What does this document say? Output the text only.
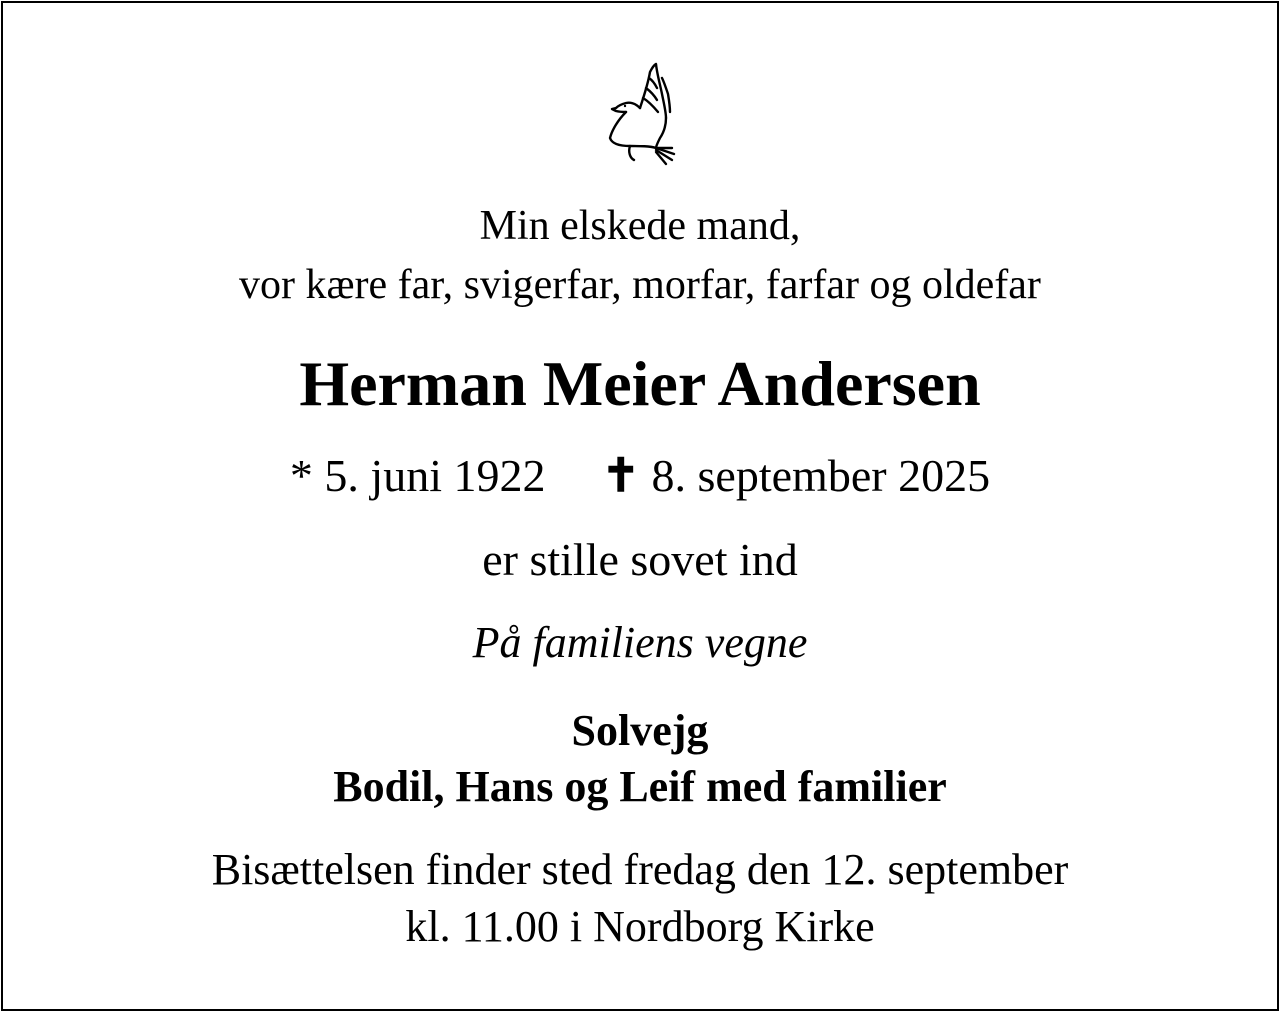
Min elskede mand,
vor kære far, svigerfar, morfar, farfar og oldefar
Herman Meier Andersen
* 5. juni 1922 ✝ 8. september 2025
er stille sovet ind
På familiens vegne
Solvejg
Bodil, Hans og Leif med familier
Bisættelsen finder sted fredag den 12. september
kl. 11.00 i Nordborg Kirke
